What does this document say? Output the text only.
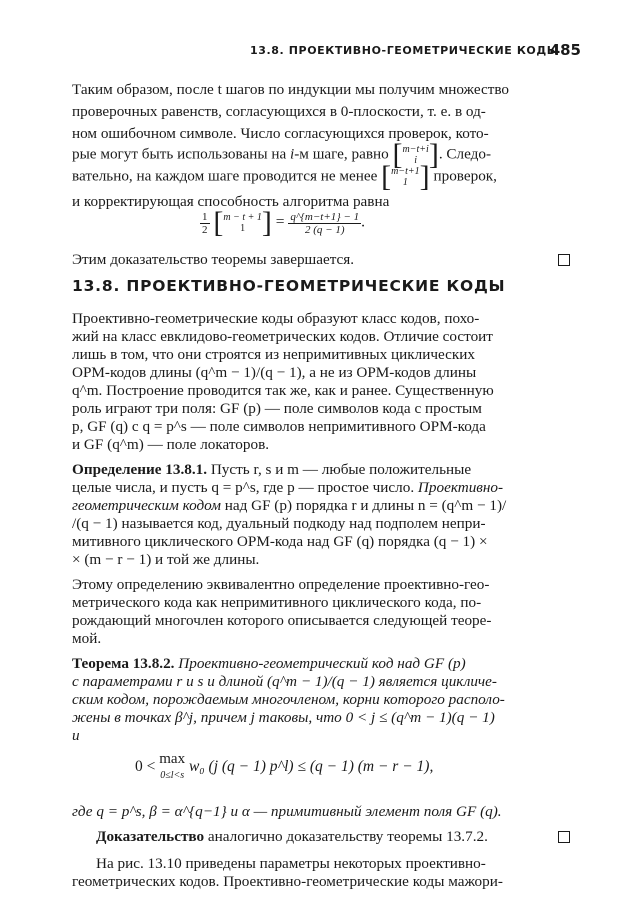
13.8. ПРОЕКТИВНО-ГЕОМЕТРИЧЕСКИЕ КОДЫ
485
Таким образом, после t шагов по индукции мы получим множество
проверочных равенств, согласующихся в 0-плоскости, т. е. в од-
ном ошибочном символе. Число согласующихся проверок, кото-
рые могут быть использованы на i-м шаге, равно [m−t+i
i ]. Следо-
вательно, на каждом шаге проводится не менее [m−t+1
1 ] проверок,
и корректирующая способность алгоритма равна
$\frac{1}{2} [m - t + 1$
1 ] = $\frac{q\^{}\{m-t+1\} - 1}{2 (q - 1)}$ .
Этим доказательство теоремы завершается.
13.8. ПРОЕКТИВНО-ГЕОМЕТРИЧЕСКИЕ КОДЫ
Проективно-геометрические коды образуют класс кодов, похо-
жий на класс евклидово-геометрических кодов. Отличие состоит
лишь в том, что они строятся из непримитивных циклических
ОРМ-кодов длины (q^m − 1)/(q − 1), а не из ОРМ-кодов длины
q^m. Построение проводится так же, как и ранее. Существенную
роль играют три поля: GF (p) — поле символов кода с простым
p, GF (q) с q = p^s — поле символов непримитивного ОРМ-кода
и GF (q^m) — поле локаторов.
Определение 13.8.1. Пусть r, s и m — любые положительные
целые числа, и пусть q = p^s, где p — простое число. Проективно-
геометрическим кодом над GF (p) порядка r и длины n = (q^m − 1)/
/(q − 1) называется код, дуальный подкоду над подполем непри-
митивного циклического ОРМ-кода над GF (q) порядка (q − 1) ×
× (m − r − 1) и той же длины.
Этому определению эквивалентно определение проективно-гео-
метрического кода как непримитивного циклического кода, по-
рождающий многочлен которого описывается следующей теоре-
мой.
Теорема 13.8.2. Проективно-геометрический код над GF (p)
с параметрами r и s и длиной (q^m − 1)/(q − 1) является цикличе-
ским кодом, порождаемым многочленом, корни которого располо-
жены в точках β^j, причем j таковы, что 0 < j ≤ (q^m − 1)(q − 1)
и
0 < max
0≤l<s w₀ (j (q − 1) p^l) ≤ (q − 1) (m − r − 1),
где q = p^s, β = α^{q−1} и α — примитивный элемент поля GF (q).
Доказательство аналогично доказательству теоремы 13.7.2.
На рис. 13.10 приведены параметры некоторых проективно-
геометрических кодов. Проективно-геометрические коды мажори-
